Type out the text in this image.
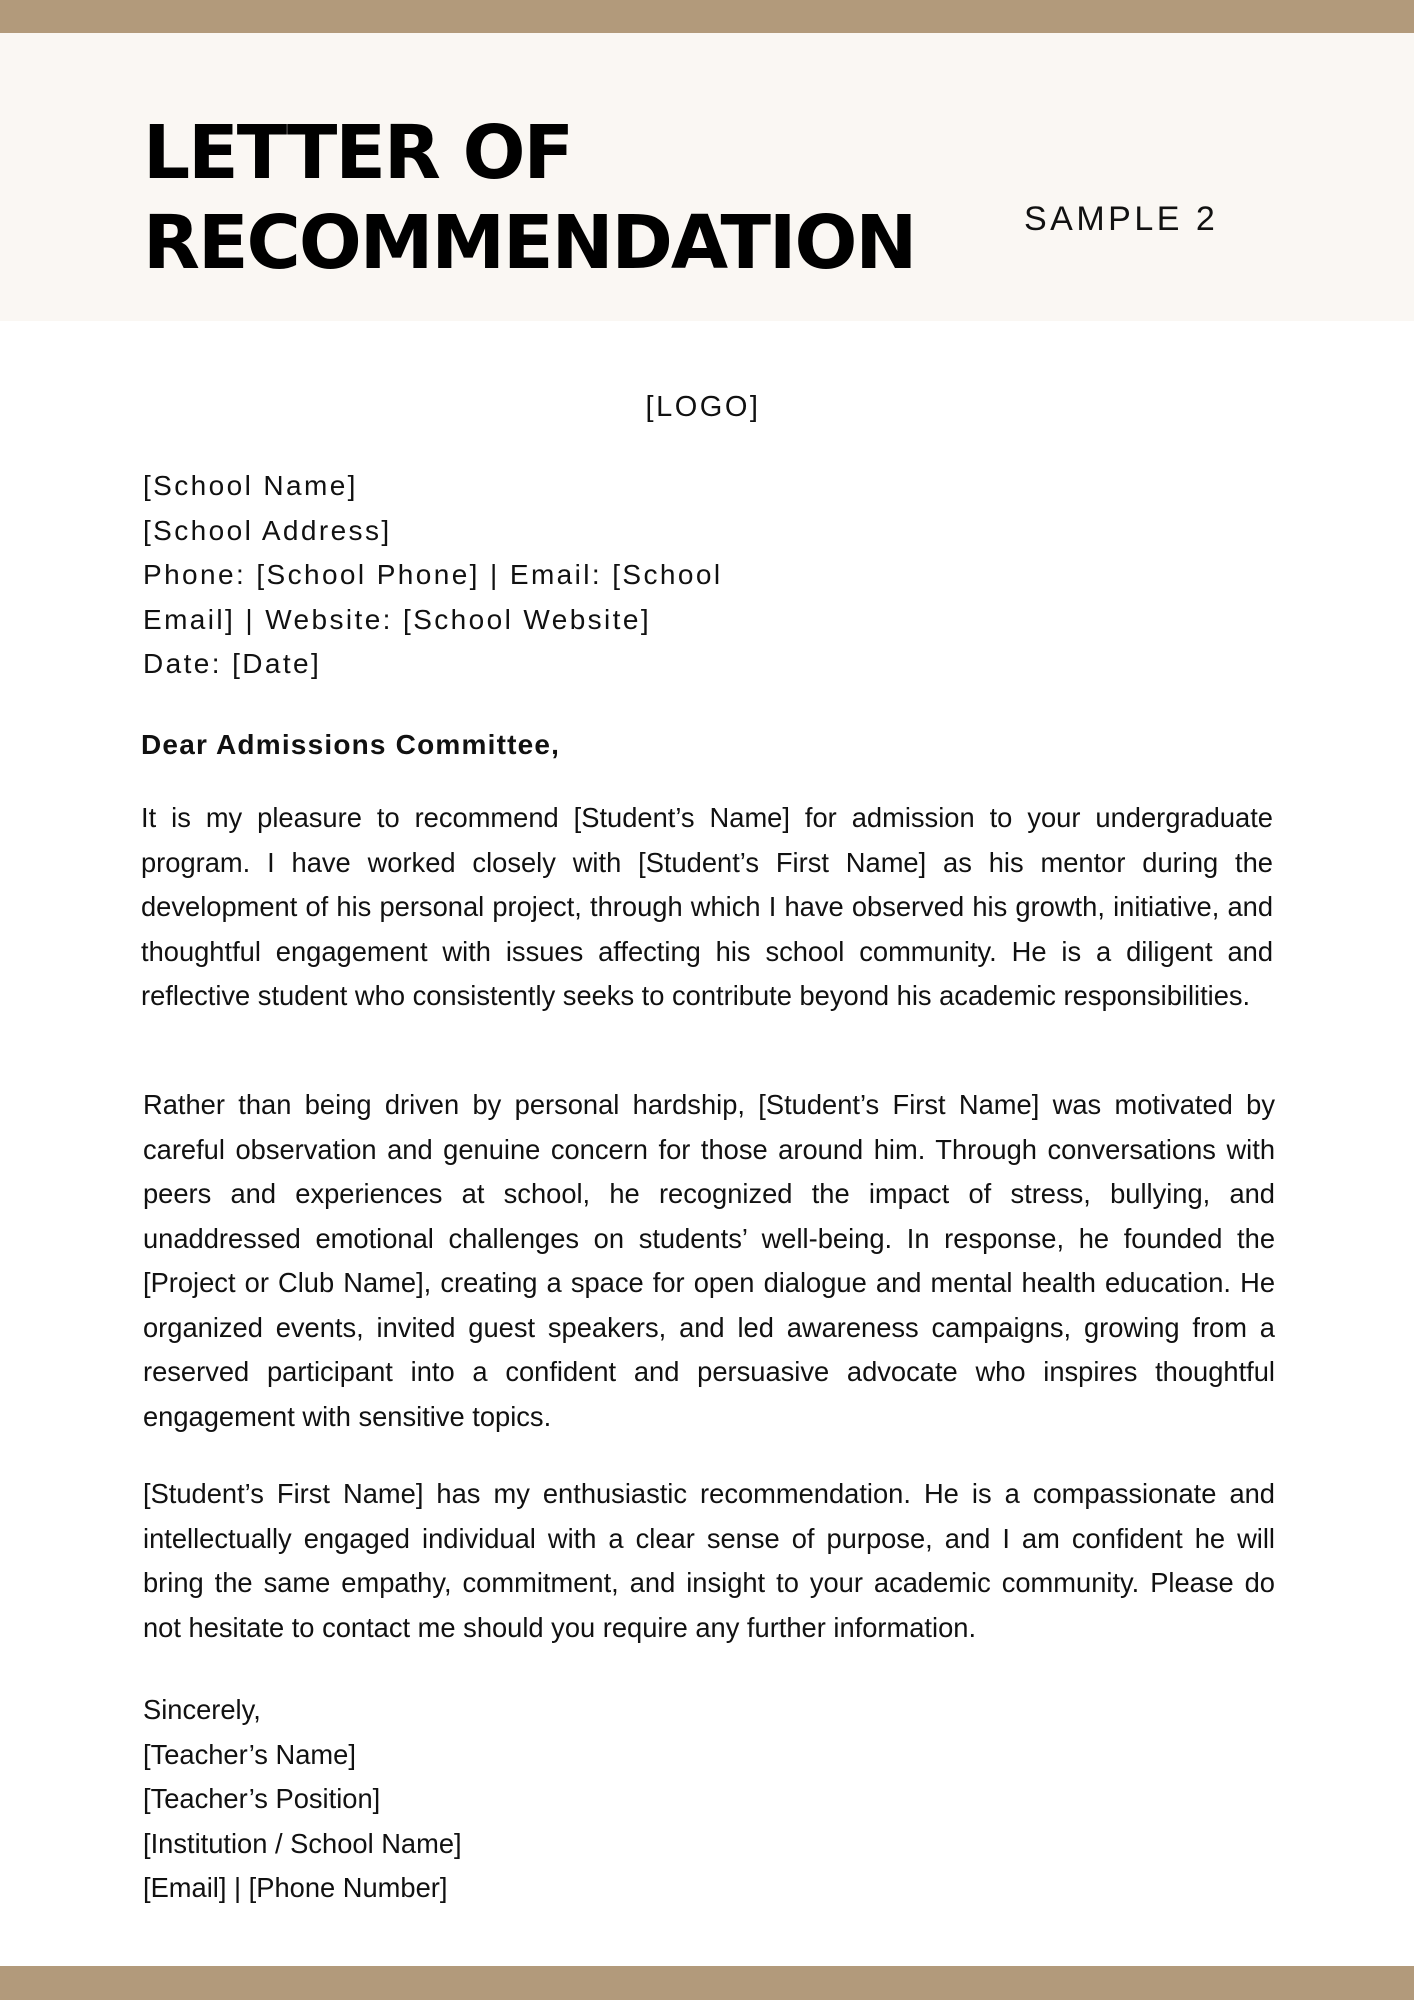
LETTER OF
RECOMMENDATION	SAMPLE 2
[LOGO]
[School Name]
[School Address]
Phone: [School Phone] | Email: [School
Email] | Website: [School Website]
Date: [Date]
Dear Admissions Committee,

It is my pleasure to recommend [Student’s Name] for admission to your undergraduate program. I have worked closely with [Student’s First Name] as his mentor during the development of his personal project, through which I have observed his growth, initiative, and thoughtful engagement with issues affecting his school community. He is a diligent and reflective student who consistently seeks to contribute beyond his academic responsibilities.

Rather than being driven by personal hardship, [Student’s First Name] was motivated by careful observation and genuine concern for those around him. Through conversations with peers and experiences at school, he recognized the impact of stress, bullying, and unaddressed emotional challenges on students’ well-being. In response, he founded the [Project or Club Name], creating a space for open dialogue and mental health education. He organized events, invited guest speakers, and led awareness campaigns, growing from a reserved participant into a confident and persuasive advocate who inspires thoughtful engagement with sensitive topics.

[Student’s First Name] has my enthusiastic recommendation. He is a compassionate and intellectually engaged individual with a clear sense of purpose, and I am confident he will bring the same empathy, commitment, and insight to your academic community. Please do not hesitate to contact me should you require any further information.

Sincerely,
[Teacher’s Name]
[Teacher’s Position]
[Institution / School Name]
[Email] | [Phone Number]
